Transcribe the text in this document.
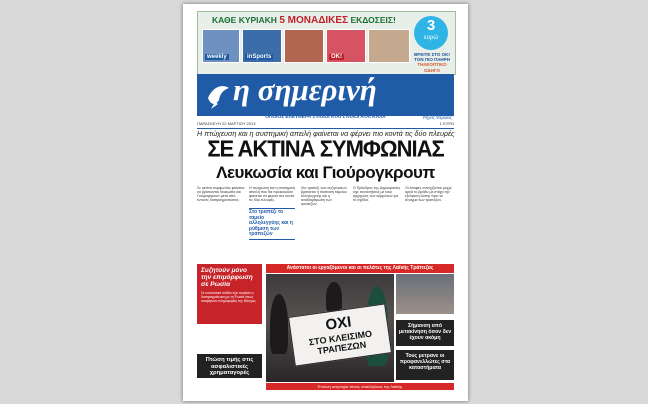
ΚΑΘΕ ΚΥΡΙΑΚΗ 5 ΜΟΝΑΔΙΚΕΣ ΕΚΔΟΣΕΙΣ!
weekly	inSports	OK!
3
ευρώ
ΒΡΕΙΤΕ ΣΤΟ ΟΚ!
ΤΟΝ ΠΙΟ ΠΛΗΡΗ
ΤΗΛΕΟΠΤΙΚΟ ΟΔΗΓΟ

η σημερινή
ΟΠΟΙΟΣ ΕΛΕΥΘΕΡΑ ΣΥΛΛΟΓΑΤΑΙ ΣΥΛΛΟΓΑΤΑΙ ΚΑΛΑ	Ρήγας Φεραίος
ΠΑΡΑΣΚΕΥΗ 22 ΜΑΡΤΙΟΥ 2013	1 ΕΥΡΩ
Η πτώχευση και η συστημική απειλή φαίνεται να φέρνει πιο κοντά τις δύο πλευρές
ΣΕ ΑΚΤΙΝΑ ΣΥΜΦΩΝΙΑΣ
Λευκωσία και Γιούρογκρουπ
Σε ακτίνα συμφωνίας φαίνεται να βρίσκονται Λευκωσία και Γιούρογκρουπ μετά από έντονες διαπραγματεύσεις.
Η πτώχευση και η συστημική απειλή που θα προκαλούσε φαίνεται να φέρνει πιο κοντά τις δύο πλευρές.
Στο τραπέζι το ταμείο αλληλεγγύης και η ρύθμιση των τραπεζών
Στο τραπέζι των συζητήσεων βρίσκεται η σύσταση ταμείου αλληλεγγύης και η αναδιάρθρωση των τραπεζών.
Ο Πρόεδρος της Δημοκρατίας είχε συναντήσεις με τους αρχηγούς των κομμάτων για το σχέδιο.
Οι επαφές συνεχίζονται μέχρι αργά το βράδυ με στόχο την εξεύρεση λύσης πριν το άνοιγμα των τραπεζών.
Συζητούν μόνο την επιμόρφωση σε Ρωσία
Σε ουσιαστικό στάδιο έχει περάσει η διαπραγμάτευση με τη Ρωσία όπως αναφέρουν πληροφορίες της Μόσχας.
Πτώση τιμής στις ασφαλιστικές χρηματαγορές
Ανάστατοι οι εργαζόμενοι και οι πελάτες της Λαϊκής Τράπεζας
ΟΧΙ
ΣΤΟ ΚΛΕΙΣΙΜΟ ΤΡΑΠΕΖΩΝ
Σήμανση από μετακίνηση όσον δεν έχουν ακόμη
Τους μετρανε οι προφανελλώτες στα καταστήματα
Έντονη ανησυχία στους υπαλλήλους της Λαϊκής
